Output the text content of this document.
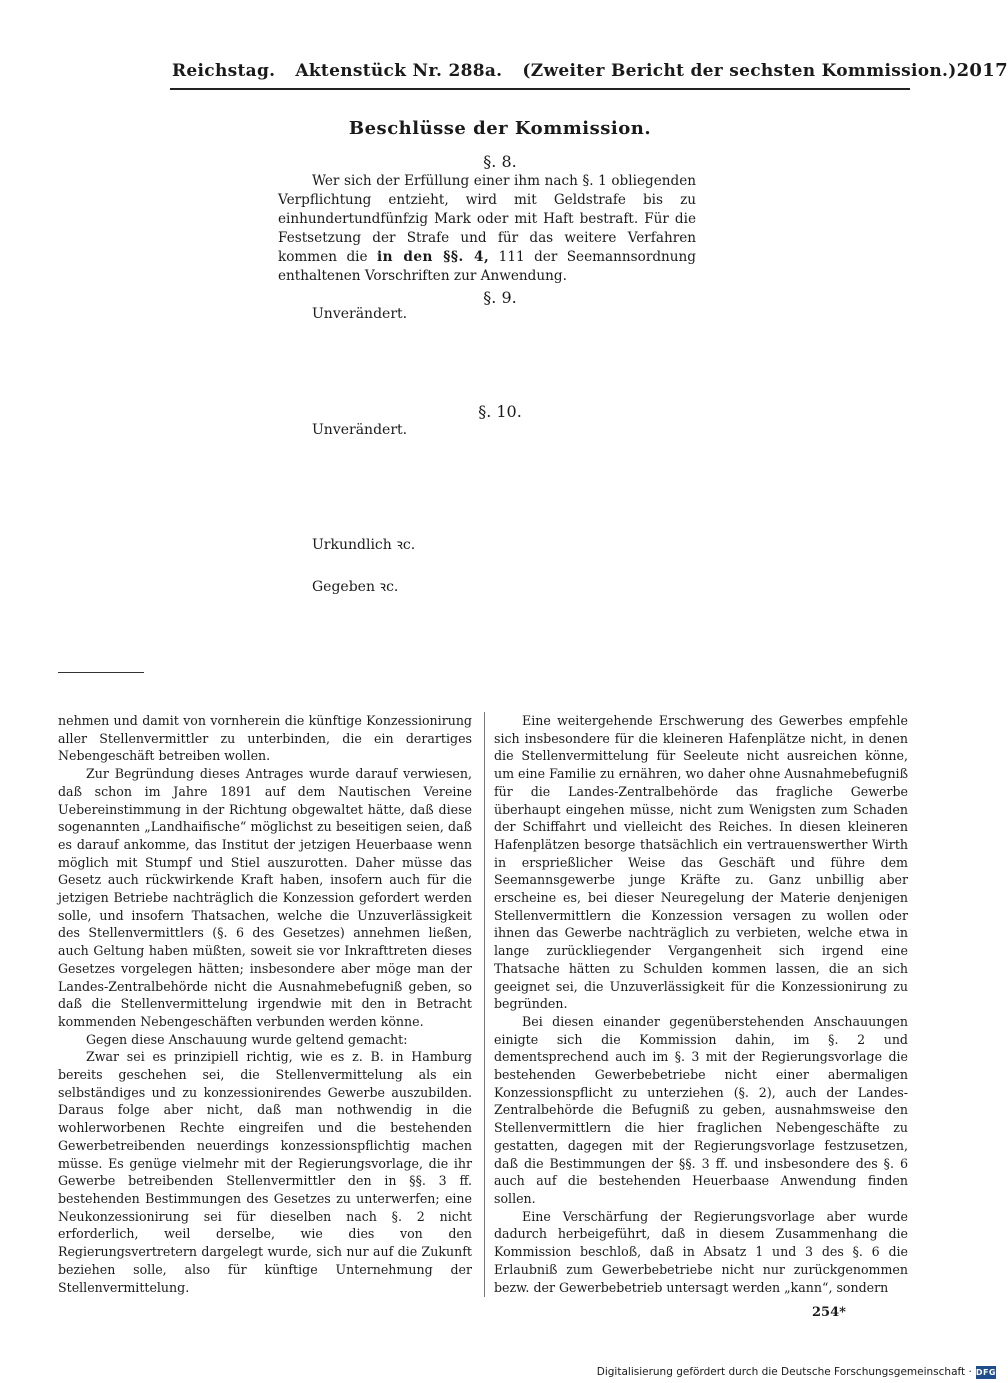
Reichstag. Aktenstück Nr. 288a. (Zweiter Bericht der sechsten Kommission.) 2017
Beschlüsse der Kommission.
§. 8.
Wer sich der Erfüllung einer ihm nach §. 1 obliegenden Verpflichtung entzieht, wird mit Geldstrafe bis zu einhundertundfünfzig Mark oder mit Haft bestraft. Für die Festsetzung der Strafe und für das weitere Verfahren kommen die in den §§. 4, 111 der Seemannsordnung enthaltenen Vorschriften zur Anwendung.
§. 9.
Unverändert.
§. 10.
Unverändert.
Urkundlich ꝛc.
Gegeben ꝛc.

nehmen und damit von vornherein die künftige Konzessionirung aller Stellenvermittler zu unterbinden, die ein derartiges Nebengeschäft betreiben wollen.

Zur Begründung dieses Antrages wurde darauf verwiesen, daß schon im Jahre 1891 auf dem Nautischen Vereine Uebereinstimmung in der Richtung obgewaltet hätte, daß diese sogenannten „Landhaifische“ möglichst zu beseitigen seien, daß es darauf ankomme, das Institut der jetzigen Heuerbaase wenn möglich mit Stumpf und Stiel auszurotten. Daher müsse das Gesetz auch rückwirkende Kraft haben, insofern auch für die jetzigen Betriebe nachträglich die Konzession gefordert werden solle, und insofern Thatsachen, welche die Unzuverlässigkeit des Stellenvermittlers (§. 6 des Gesetzes) annehmen ließen, auch Geltung haben müßten, soweit sie vor Inkrafttreten dieses Gesetzes vorgelegen hätten; insbesondere aber möge man der Landes-Zentralbehörde nicht die Ausnahmebefugniß geben, so daß die Stellenvermittelung irgendwie mit den in Betracht kommenden Nebengeschäften verbunden werden könne.

Gegen diese Anschauung wurde geltend gemacht:

Zwar sei es prinzipiell richtig, wie es z. B. in Hamburg bereits geschehen sei, die Stellenvermittelung als ein selbständiges und zu konzessionirendes Gewerbe auszubilden. Daraus folge aber nicht, daß man nothwendig in die wohlerworbenen Rechte eingreifen und die bestehenden Gewerbetreibenden neuerdings konzessionspflichtig machen müsse. Es genüge vielmehr mit der Regierungsvorlage, die ihr Gewerbe betreibenden Stellenvermittler den in §§. 3 ff. bestehenden Bestimmungen des Gesetzes zu unterwerfen; eine Neukonzessionirung sei für dieselben nach §. 2 nicht erforderlich, weil derselbe, wie dies von den Regierungsvertretern dargelegt wurde, sich nur auf die Zukunft beziehen solle, also für künftige Unternehmung der Stellenvermittelung.

Eine weitergehende Erschwerung des Gewerbes empfehle sich insbesondere für die kleineren Hafenplätze nicht, in denen die Stellenvermittelung für Seeleute nicht ausreichen könne, um eine Familie zu ernähren, wo daher ohne Ausnahmebefugniß für die Landes-Zentralbehörde das fragliche Gewerbe überhaupt eingehen müsse, nicht zum Wenigsten zum Schaden der Schiffahrt und vielleicht des Reiches. In diesen kleineren Hafenplätzen besorge thatsächlich ein vertrauenswerther Wirth in ersprießlicher Weise das Geschäft und führe dem Seemannsgewerbe junge Kräfte zu. Ganz unbillig aber erscheine es, bei dieser Neuregelung der Materie denjenigen Stellenvermittlern die Konzession versagen zu wollen oder ihnen das Gewerbe nachträglich zu verbieten, welche etwa in lange zurückliegender Vergangenheit sich irgend eine Thatsache hätten zu Schulden kommen lassen, die an sich geeignet sei, die Unzuverlässigkeit für die Konzessionirung zu begründen.

Bei diesen einander gegenüberstehenden Anschauungen einigte sich die Kommission dahin, im §. 2 und dementsprechend auch im §. 3 mit der Regierungsvorlage die bestehenden Gewerbebetriebe nicht einer abermaligen Konzessionspflicht zu unterziehen (§. 2), auch der Landes-Zentralbehörde die Befugniß zu geben, ausnahmsweise den Stellenvermittlern die hier fraglichen Nebengeschäfte zu gestatten, dagegen mit der Regierungsvorlage festzusetzen, daß die Bestimmungen der §§. 3 ff. und insbesondere des §. 6 auch auf die bestehenden Heuerbaase Anwendung finden sollen.

Eine Verschärfung der Regierungsvorlage aber wurde dadurch herbeigeführt, daß in diesem Zusammenhang die Kommission beschloß, daß in Absatz 1 und 3 des §. 6 die Erlaubniß zum Gewerbebetriebe nicht nur zurückgenommen bezw. der Gewerbebetrieb untersagt werden „kann“, sondern

254*
Digitalisierung gefördert durch die Deutsche Forschungsgemeinschaft · DFG
